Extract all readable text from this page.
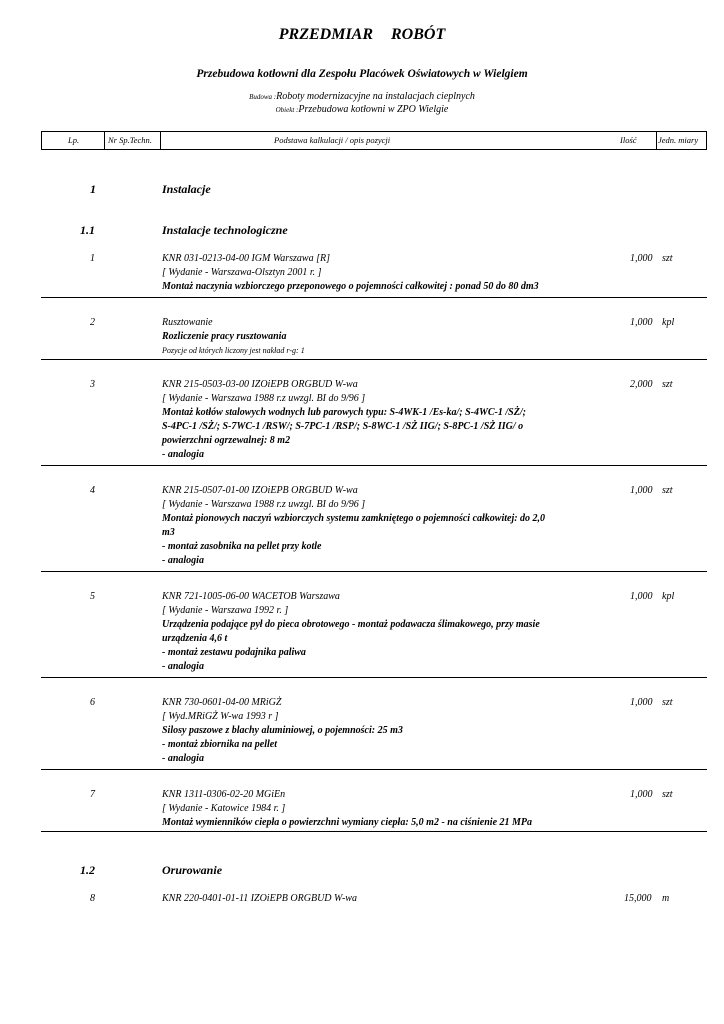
PRZEDMIAR ROBÓT
Przebudowa kotłowni dla Zespołu Placówek Oświatowych w Wielgiem
Budowa :Roboty modernizacyjne na instalacjach cieplnych
Obiekt :Przebudowa kotłowni w ZPO Wielgie
Lp.	Nr Sp.Techn.	Podstawa kalkulacji / opis pozycji	Ilość	Jedn. miary
1	Instalacje
1.1	Instalacje technologiczne
1	KNR 031-0213-04-00 IGM Warszawa [R]
[ Wydanie - Warszawa-Olsztyn 2001 r. ]
Montaż naczynia wzbiorczego przeponowego o pojemności całkowitej : ponad 50 do 80 dm3
1,000 szt
2	Rusztowanie
Rozliczenie pracy rusztowania
Pozycje od których liczony jest nakład r-g: 1
1,000 kpl
3	KNR 215-0503-03-00 IZOiEPB ORGBUD W-wa
[ Wydanie - Warszawa 1988 r.z uwzgl. BI do 9/96 ]
Montaż kotłów stalowych wodnych lub parowych typu: S-4WK-1 /Es-ka/; S-4WC-1 /SŻ/;
S-4PC-1 /SŻ/; S-7WC-1 /RSW/; S-7PC-1 /RSP/; S-8WC-1 /SŻ IIG/; S-8PC-1 /SŻ IIG/ o
powierzchni ogrzewalnej: 8 m2
- analogia
2,000 szt
4	KNR 215-0507-01-00 IZOiEPB ORGBUD W-wa
[ Wydanie - Warszawa 1988 r.z uwzgl. BI do 9/96 ]
Montaż pionowych naczyń wzbiorczych systemu zamkniętego o pojemności całkowitej: do 2,0
m3
- montaż zasobnika na pellet przy kotle
- analogia
1,000 szt
5	KNR 721-1005-06-00 WACETOB Warszawa
[ Wydanie - Warszawa 1992 r. ]
Urządzenia podające pył do pieca obrotowego - montaż podawacza ślimakowego, przy masie
urządzenia 4,6 t
- montaż zestawu podajnika paliwa
- analogia
1,000 kpl
6	KNR 730-0601-04-00 MRiGŻ
[ Wyd.MRiGŻ W-wa 1993 r ]
Silosy paszowe z blachy aluminiowej, o pojemności: 25 m3
- montaż zbiornika na pellet
- analogia
1,000 szt
7	KNR 1311-0306-02-20 MGiEn
[ Wydanie - Katowice 1984 r. ]
Montaż wymienników ciepła o powierzchni wymiany ciepła: 5,0 m2 - na ciśnienie 21 MPa
1,000 szt
1.2	Orurowanie
8	KNR 220-0401-01-11 IZOiEPB ORGBUD W-wa	15,000 m
